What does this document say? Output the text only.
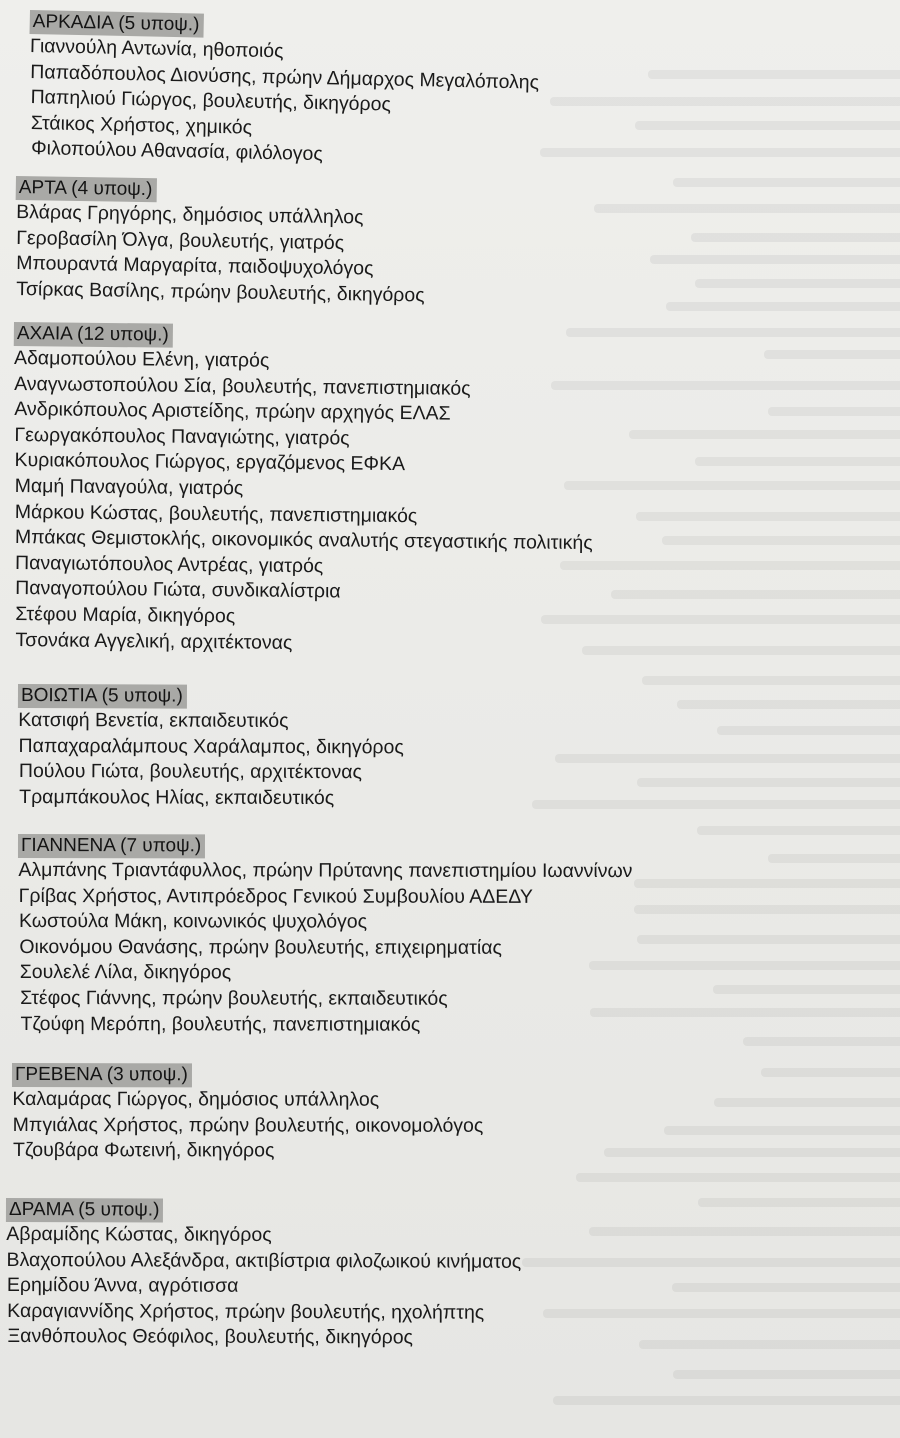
ΑΡΚΑΔΙΑ (5 υποψ.)
Γιαννούλη Αντωνία, ηθοποιός
Παπαδόπουλος Διονύσης, πρώην Δήμαρχος Μεγαλόπολης
Παπηλιού Γιώργος, βουλευτής, δικηγόρος
Στάικος Χρήστος, χημικός
Φιλοπούλου Αθανασία, φιλόλογος
ΑΡΤΑ (4 υποψ.)
Βλάρας Γρηγόρης, δημόσιος υπάλληλος
Γεροβασίλη Όλγα, βουλευτής, γιατρός
Μπουραντά Μαργαρίτα, παιδοψυχολόγος
Τσίρκας Βασίλης, πρώην βουλευτής, δικηγόρος
ΑΧΑΙΑ (12 υποψ.)
Αδαμοπούλου Ελένη, γιατρός
Αναγνωστοπούλου Σία, βουλευτής, πανεπιστημιακός
Ανδρικόπουλος Αριστείδης, πρώην αρχηγός ΕΛΑΣ
Γεωργακόπουλος Παναγιώτης, γιατρός
Κυριακόπουλος Γιώργος, εργαζόμενος ΕΦΚΑ
Μαμή Παναγούλα, γιατρός
Μάρκου Κώστας, βουλευτής, πανεπιστημιακός
Μπάκας Θεμιστοκλής, οικονομικός αναλυτής στεγαστικής πολιτικής
Παναγιωτόπουλος Αντρέας, γιατρός
Παναγοπούλου Γιώτα, συνδικαλίστρια
Στέφου Μαρία, δικηγόρος
Τσονάκα Αγγελική, αρχιτέκτονας
ΒΟΙΩΤΙΑ (5 υποψ.)
Κατσιφή Βενετία, εκπαιδευτικός
Παπαχαραλάμπους Χαράλαμπος, δικηγόρος
Πούλου Γιώτα, βουλευτής, αρχιτέκτονας
Τραμπάκουλος Ηλίας, εκπαιδευτικός
ΓΙΑΝΝΕΝΑ (7 υποψ.)
Αλμπάνης Τριαντάφυλλος, πρώην Πρύτανης πανεπιστημίου Ιωαννίνων
Γρίβας Χρήστος, Αντιπρόεδρος Γενικού Συμβουλίου ΑΔΕΔΥ
Κωστούλα Μάκη, κοινωνικός ψυχολόγος
Οικονόμου Θανάσης, πρώην βουλευτής, επιχειρηματίας
Σουλελέ Λίλα, δικηγόρος
Στέφος Γιάννης, πρώην βουλευτής, εκπαιδευτικός
Τζούφη Μερόπη, βουλευτής, πανεπιστημιακός
ΓΡΕΒΕΝΑ (3 υποψ.)
Καλαμάρας Γιώργος, δημόσιος υπάλληλος
Μπγιάλας Χρήστος, πρώην βουλευτής, οικονομολόγος
Τζουβάρα Φωτεινή, δικηγόρος
ΔΡΑΜΑ (5 υποψ.)
Αβραμίδης Κώστας, δικηγόρος
Βλαχοπούλου Αλεξάνδρα, ακτιβίστρια φιλοζωικού κινήματος
Ερημίδου Άννα, αγρότισσα
Καραγιαννίδης Χρήστος, πρώην βουλευτής, ηχολήπτης
Ξανθόπουλος Θεόφιλος, βουλευτής, δικηγόρος
